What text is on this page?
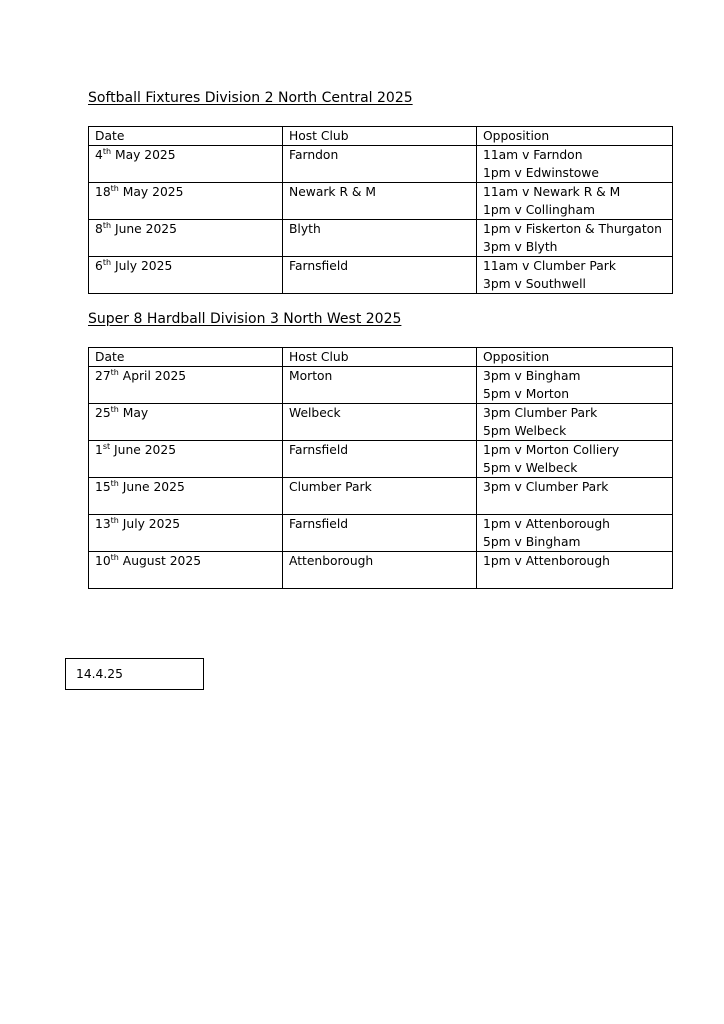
Softball Fixtures Division 2 North Central 2025
Date	Host Club	Opposition
4th May 2025	Farndon	11am v Farndon
1pm v Edwinstowe

18th May 2025	Newark R & M	11am v Newark R & M
1pm v Collingham

8th June 2025	Blyth	1pm v Fiskerton & Thurgaton
3pm v Blyth

6th July 2025	Farnsfield	11am v Clumber Park
3pm v Southwell
Super 8 Hardball Division 3 North West 2025
Date	Host Club	Opposition
27th April 2025	Morton	3pm v Bingham
5pm v Morton

25th May	Welbeck	3pm Clumber Park
5pm Welbeck

1st June 2025	Farnsfield	1pm v Morton Colliery
5pm v Welbeck

15th June 2025	Clumber Park	3pm v Clumber Park

13th July 2025	Farnsfield	1pm v Attenborough
5pm v Bingham

10th August 2025	Attenborough	1pm v Attenborough
14.4.25
